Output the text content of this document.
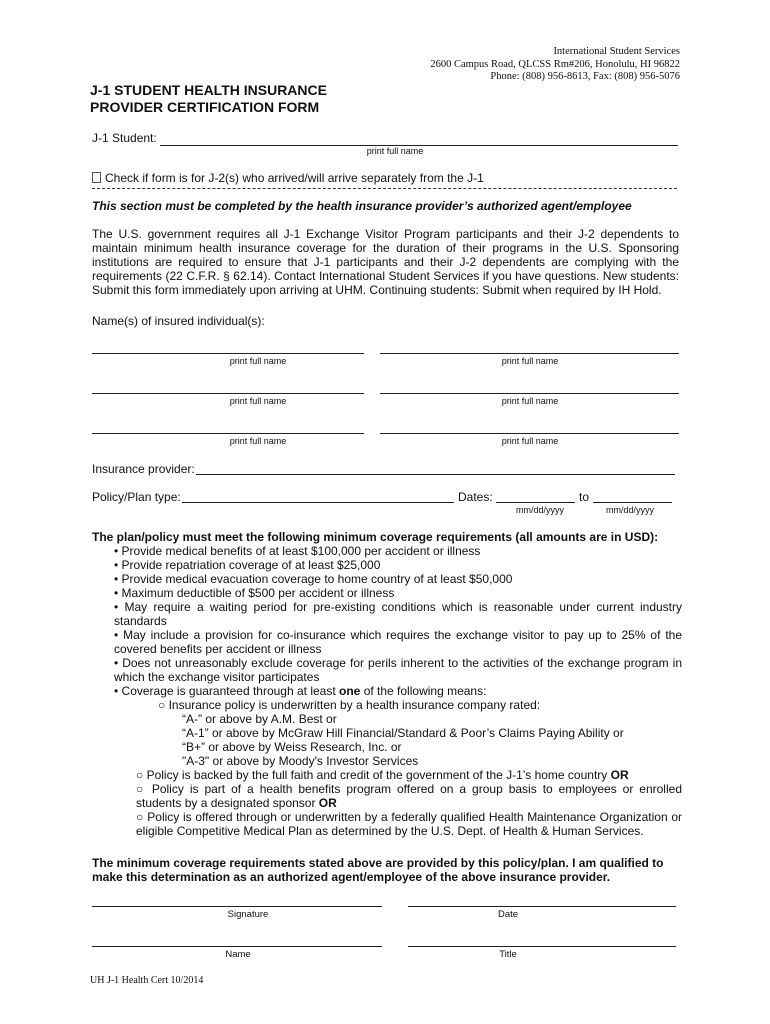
International Student Services
2600 Campus Road, QLCSS Rm#206, Honolulu, HI 96822
Phone: (808) 956-8613, Fax: (808) 956-5076
J-1 STUDENT HEALTH INSURANCE
PROVIDER CERTIFICATION FORM
J-1 Student:
print full name
Check if form is for J-2(s) who arrived/will arrive separately from the J-1
This section must be completed by the health insurance provider’s authorized agent/employee
The U.S. government requires all J-1 Exchange Visitor Program participants and their J-2 dependents to maintain minimum health insurance coverage for the duration of their programs in the U.S. Sponsoring institutions are required to ensure that J-1 participants and their J-2 dependents are complying with the requirements (22 C.F.R. § 62.14). Contact International Student Services if you have questions. New students: Submit this form immediately upon arriving at UHM. Continuing students: Submit when required by IH Hold.
Name(s) of insured individual(s):
print full name	print full name
print full name	print full name
print full name	print full name
Insurance provider:
Policy/Plan type:	Dates:	to
mm/dd/yyyy	mm/dd/yyyy
The plan/policy must meet the following minimum coverage requirements (all amounts are in USD):
• Provide medical benefits of at least $100,000 per accident or illness
• Provide repatriation coverage of at least $25,000
• Provide medical evacuation coverage to home country of at least $50,000
• Maximum deductible of $500 per accident or illness
• May require a waiting period for pre-existing conditions which is reasonable under current industry standards
• May include a provision for co-insurance which requires the exchange visitor to pay up to 25% of the covered benefits per accident or illness
• Does not unreasonably exclude coverage for perils inherent to the activities of the exchange program in which the exchange visitor participates
• Coverage is guaranteed through at least one of the following means:
○ Insurance policy is underwritten by a health insurance company rated:
“A-” or above by A.M. Best or
“A-1” or above by McGraw Hill Financial/Standard & Poor’s Claims Paying Ability or
“B+” or above by Weiss Research, Inc. or
"A-3" or above by Moody's Investor Services
○ Policy is backed by the full faith and credit of the government of the J-1’s home country OR
○ Policy is part of a health benefits program offered on a group basis to employees or enrolled students by a designated sponsor OR
○ Policy is offered through or underwritten by a federally qualified Health Maintenance Organization or eligible Competitive Medical Plan as determined by the U.S. Dept. of Health & Human Services.
The minimum coverage requirements stated above are provided by this policy/plan. I am qualified to make this determination as an authorized agent/employee of the above insurance provider.
Signature	Date
Name	Title
UH J-1 Health Cert 10/2014
